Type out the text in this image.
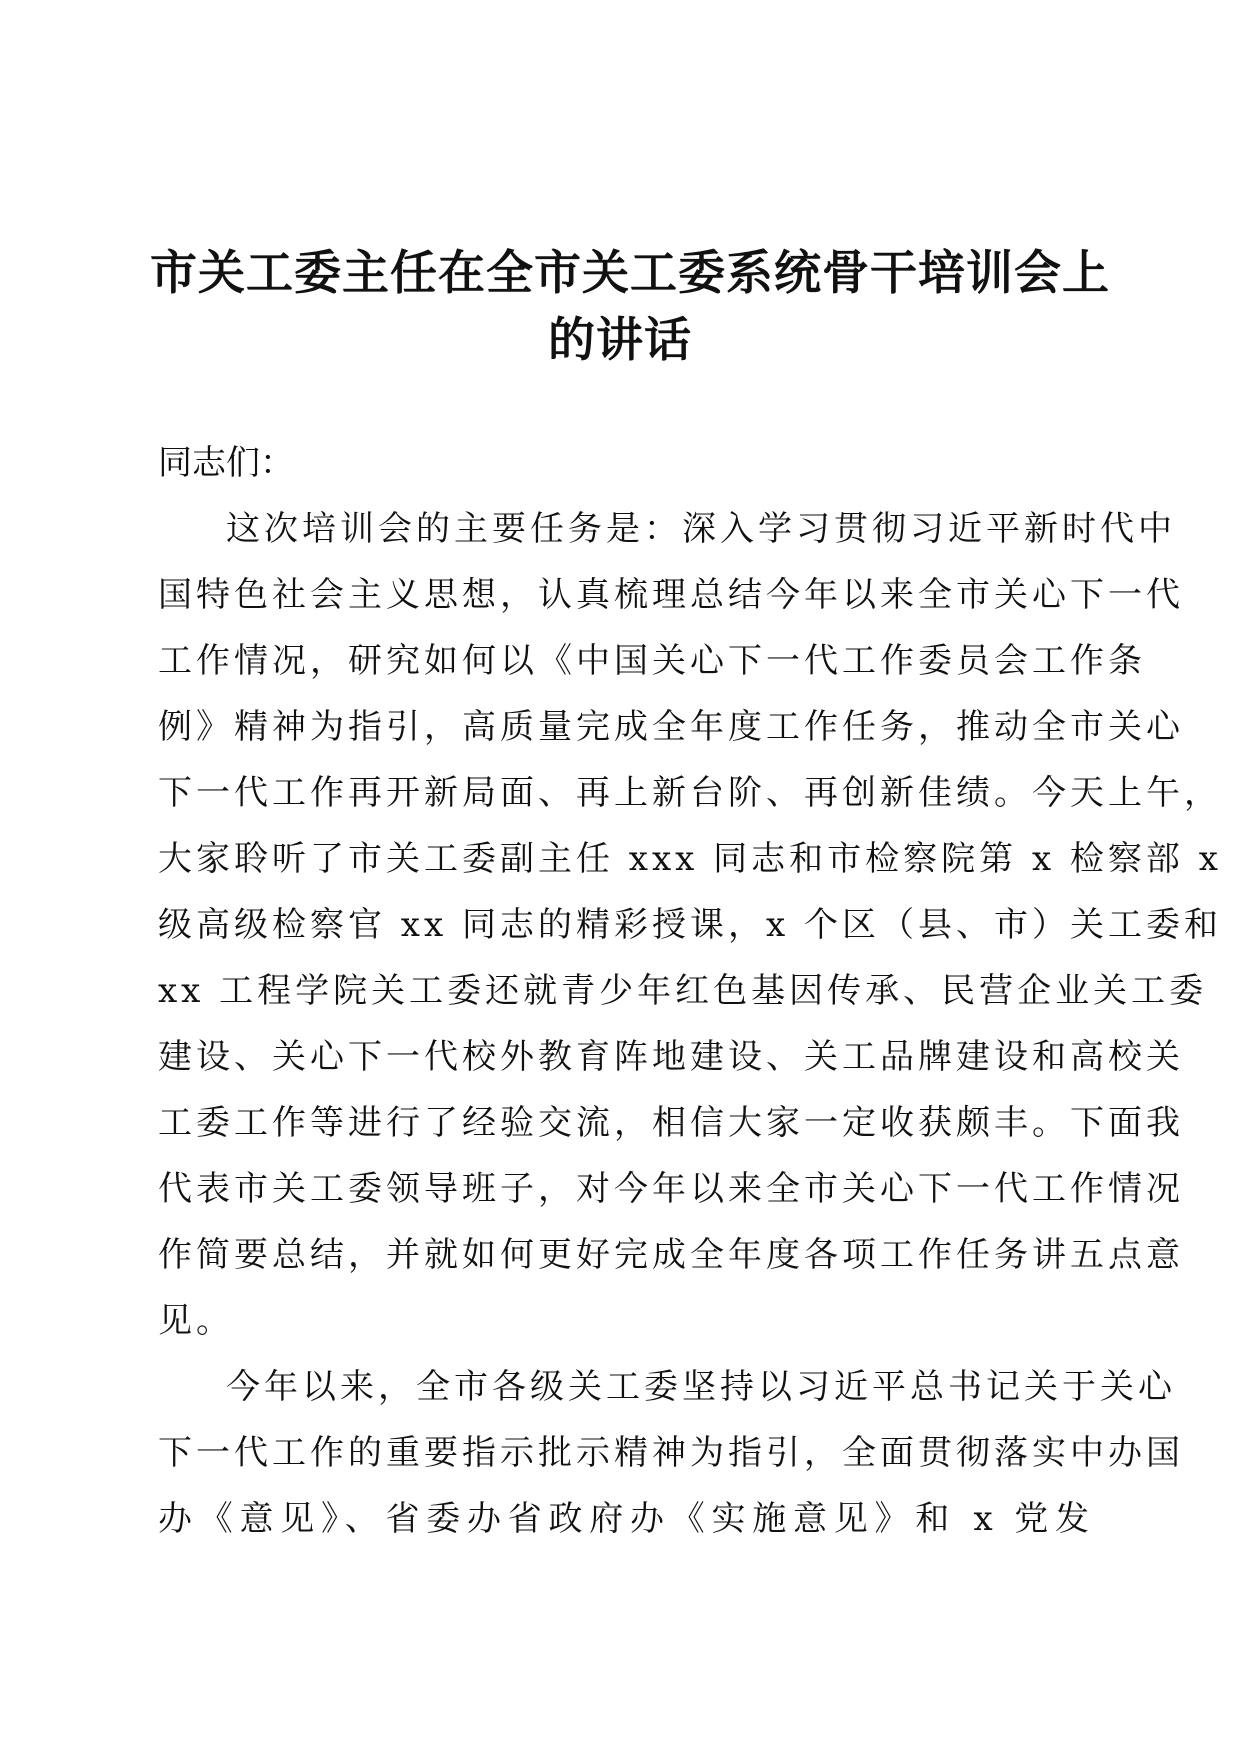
市关工委主任在全市关工委系统骨干培训会上
的讲话

同志们：

这次培训会的主要任务是：深入学习贯彻习近平新时代中
国特色社会主义思想，认真梳理总结今年以来全市关心下一代
工作情况，研究如何以《中国关心下一代工作委员会工作条
例》精神为指引，高质量完成全年度工作任务，推动全市关心
下一代工作再开新局面、再上新台阶、再创新佳绩。今天上午，
大家聆听了市关工委副主任 xxx 同志和市检察院第 x 检察部 x
级高级检察官 xx 同志的精彩授课，x 个区（县、市）关工委和
xx 工程学院关工委还就青少年红色基因传承、民营企业关工委
建设、关心下一代校外教育阵地建设、关工品牌建设和高校关
工委工作等进行了经验交流，相信大家一定收获颇丰。下面我
代表市关工委领导班子，对今年以来全市关心下一代工作情况
作简要总结，并就如何更好完成全年度各项工作任务讲五点意
见。

今年以来，全市各级关工委坚持以习近平总书记关于关心
下一代工作的重要指示批示精神为指引，全面贯彻落实中办国
办《意见》、省委办省政府办《实施意见》和 x 党发
